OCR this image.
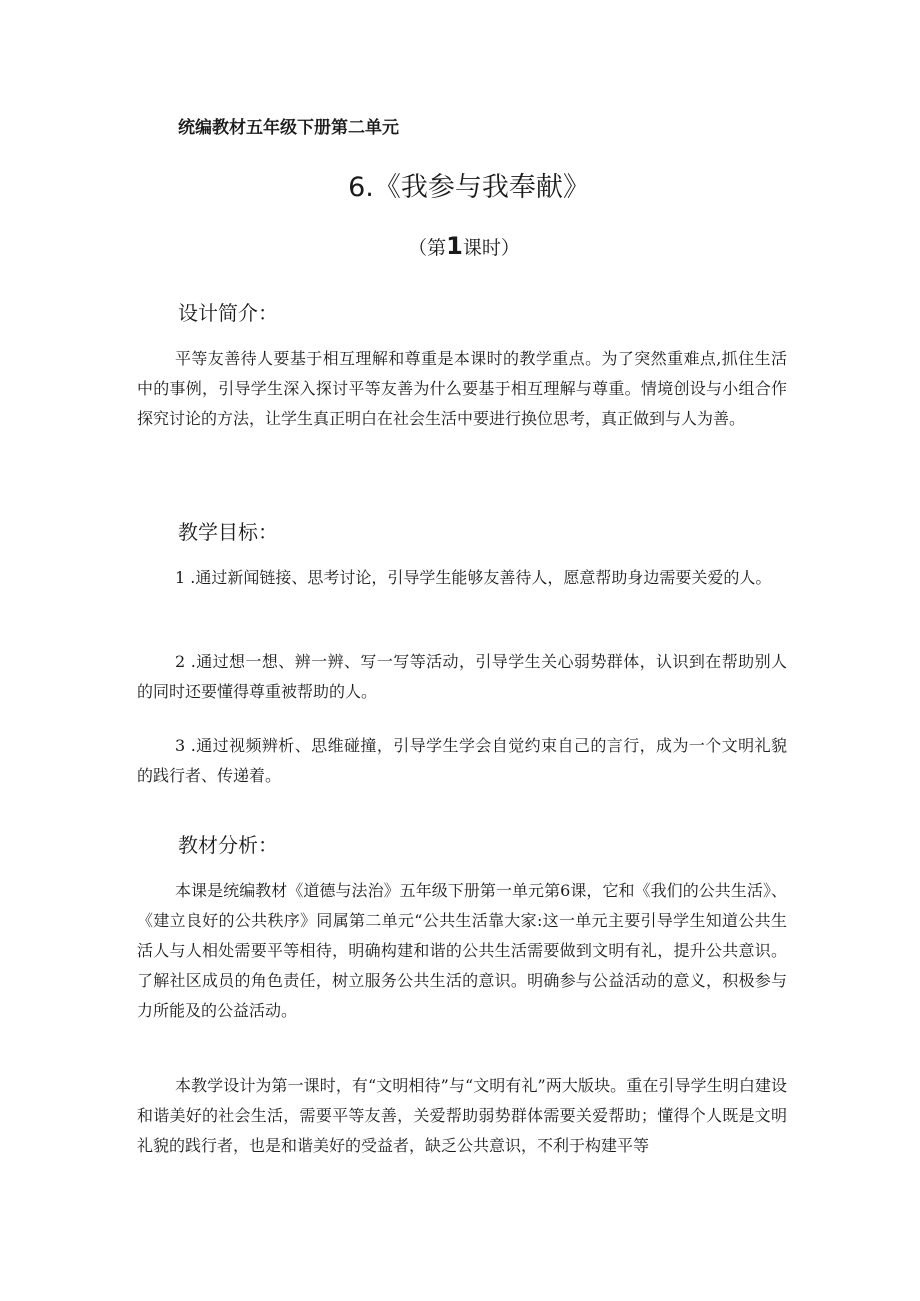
统编教材五年级下册第二单元
6.《我参与我奉献》
（第1课时）
设计简介：
平等友善待人要基于相互理解和尊重是本课时的教学重点。为了突然重难点,抓住生活中的事例，引导学生深入探讨平等友善为什么要基于相互理解与尊重。情境创设与小组合作探究讨论的方法，让学生真正明白在社会生活中要进行换位思考，真正做到与人为善。
教学目标：
1 .通过新闻链接、思考讨论，引导学生能够友善待人，愿意帮助身边需要关爱的人。
2 .通过想一想、辨一辨、写一写等活动，引导学生关心弱势群体，认识到在帮助别人的同时还要懂得尊重被帮助的人。
3 .通过视频辨析、思维碰撞，引导学生学会自觉约束自己的言行，成为一个文明礼貌的践行者、传递着。
教材分析：
本课是统编教材《道德与法治》五年级下册第一单元第6课，它和《我们的公共生活》、《建立良好的公共秩序》同属第二单元“公共生活靠大家:这一单元主要引导学生知道公共生活人与人相处需要平等相待，明确构建和谐的公共生活需要做到文明有礼，提升公共意识。了解社区成员的角色责任，树立服务公共生活的意识。明确参与公益活动的意义，积极参与力所能及的公益活动。
本教学设计为第一课时，有“文明相待”与“文明有礼”两大版块。重在引导学生明白建设和谐美好的社会生活，需要平等友善，关爱帮助弱势群体需要关爱帮助；懂得个人既是文明礼貌的践行者，也是和谐美好的受益者，缺乏公共意识，不利于构建平等
